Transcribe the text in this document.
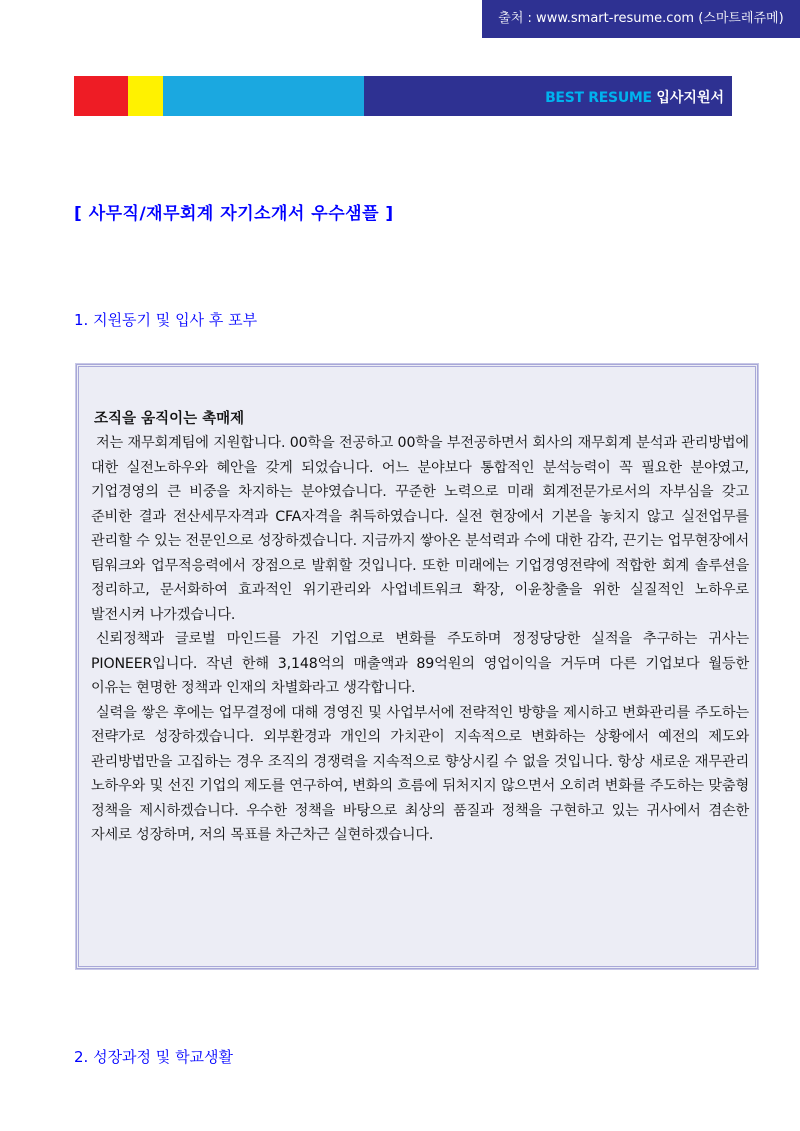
출처 : www.smart-resume.com (스마트레쥬메)
BEST RESUME 입사지원서
[ 사무직/재무회계 자기소개서 우수샘플 ]
1. 지원동기 및 입사 후 포부

조직을 움직이는 촉매제

저는 재무회계팀에 지원합니다. 00학을 전공하고 00학을 부전공하면서 회사의 재무회계 분석과 관리방법에 대한 실전노하우와 혜안을 갖게 되었습니다. 어느 분야보다 통합적인 분석능력이 꼭 필요한 분야였고, 기업경영의 큰 비중을 차지하는 분야였습니다. 꾸준한 노력으로 미래 회계전문가로서의 자부심을 갖고 준비한 결과 전산세무자격과 CFA자격을 취득하였습니다. 실전 현장에서 기본을 놓치지 않고 실전업무를 관리할 수 있는 전문인으로 성장하겠습니다. 지금까지 쌓아온 분석력과 수에 대한 감각, 끈기는 업무현장에서 팀워크와 업무적응력에서 장점으로 발휘할 것입니다. 또한 미래에는 기업경영전략에 적합한 회계 솔루션을 정리하고, 문서화하여 효과적인 위기관리와 사업네트워크 확장, 이윤창출을 위한 실질적인 노하우로 발전시켜 나가겠습니다.

신뢰정책과 글로벌 마인드를 가진 기업으로 변화를 주도하며 정정당당한 실적을 추구하는 귀사는 PIONEER입니다. 작년 한해 3,148억의 매출액과 89억원의 영업이익을 거두며 다른 기업보다 월등한 이유는 현명한 정책과 인재의 차별화라고 생각합니다.

실력을 쌓은 후에는 업무결정에 대해 경영진 및 사업부서에 전략적인 방향을 제시하고 변화관리를 주도하는 전략가로 성장하겠습니다. 외부환경과 개인의 가치관이 지속적으로 변화하는 상황에서 예전의 제도와 관리방법만을 고집하는 경우 조직의 경쟁력을 지속적으로 향상시킬 수 없을 것입니다. 항상 새로운 재무관리 노하우와 및 선진 기업의 제도를 연구하여, 변화의 흐름에 뒤처지지 않으면서 오히려 변화를 주도하는 맞춤형 정책을 제시하겠습니다. 우수한 정책을 바탕으로 최상의 품질과 정책을 구현하고 있는 귀사에서 겸손한 자세로 성장하며, 저의 목표를 차근차근 실현하겠습니다.

2. 성장과정 및 학교생활
